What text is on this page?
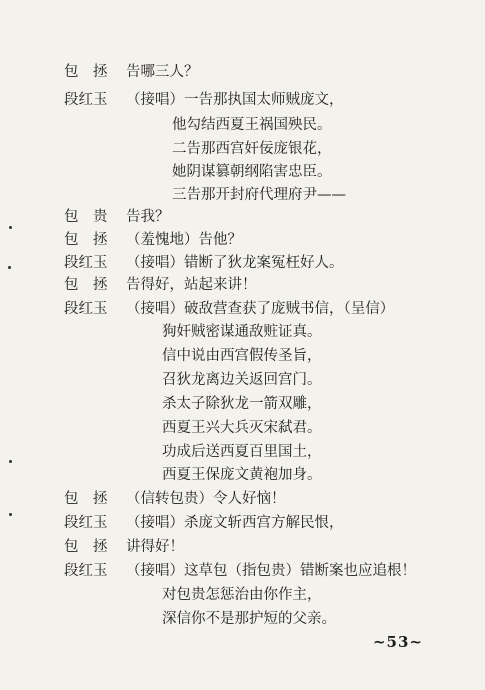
包　拯	告哪三人？
段红玉	（接唱）一告那执国太师贼庞文，
他勾结西夏王祸国殃民。
二告那西宫奸佞庞银花，
她阴谋篡朝纲陷害忠臣。
三告那开封府代理府尹——
包　贵	告我？
包　拯	（羞愧地）告他？
段红玉	（接唱）错断了狄龙案冤枉好人。
包　拯	告得好，站起来讲！
段红玉	（接唱）破敌营查获了庞贼书信，（呈信）
狗奸贼密谋通敌赃证真。
信中说由西宫假传圣旨，
召狄龙离边关返回宫门。
杀太子除狄龙一箭双雕，
西夏王兴大兵灭宋弑君。
功成后送西夏百里国土，
西夏王保庞文黄袍加身。
包　拯	（信转包贵）令人好恼！
段红玉	（接唱）杀庞文斩西宫方解民恨，
包　拯	讲得好！
段红玉	（接唱）这草包（指包贵）错断案也应追根！
对包贵怎惩治由你作主，
深信你不是那护短的父亲。
~53~
